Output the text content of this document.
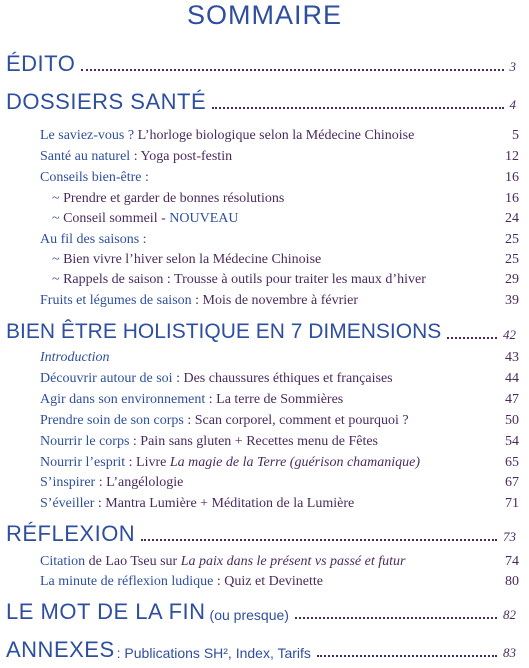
SOMMAIRE
ÉDITO	3
DOSSIERS SANTÉ	4
Le saviez-vous ? L’horloge biologique selon la Médecine Chinoise	5
Santé au naturel : Yoga post-festin	12
Conseils bien-être :	16
~ Prendre et garder de bonnes résolutions	16
~ Conseil sommeil - NOUVEAU	24
Au fil des saisons :	25
~ Bien vivre l’hiver selon la Médecine Chinoise	25
~ Rappels de saison : Trousse à outils pour traiter les maux d’hiver	29
Fruits et légumes de saison : Mois de novembre à février	39
BIEN ÊTRE HOLISTIQUE EN 7 DIMENSIONS	42
Introduction	43
Découvrir autour de soi : Des chaussures éthiques et françaises	44
Agir dans son environnement : La terre de Sommières	47
Prendre soin de son corps : Scan corporel, comment et pourquoi ?	50
Nourrir le corps : Pain sans gluten + Recettes menu de Fêtes	54
Nourrir l’esprit : Livre La magie de la Terre (guérison chamanique)	65
S’inspirer : L’angélologie	67
S’éveiller : Mantra Lumière + Méditation de la Lumière	71
RÉFLEXION	73
Citation de Lao Tseu sur La paix dans le présent vs passé et futur	74
La minute de réflexion ludique : Quiz et Devinette	80
LE MOT DE LA FIN (ou presque)	82
ANNEXES : Publications SH², Index, Tarifs	83
